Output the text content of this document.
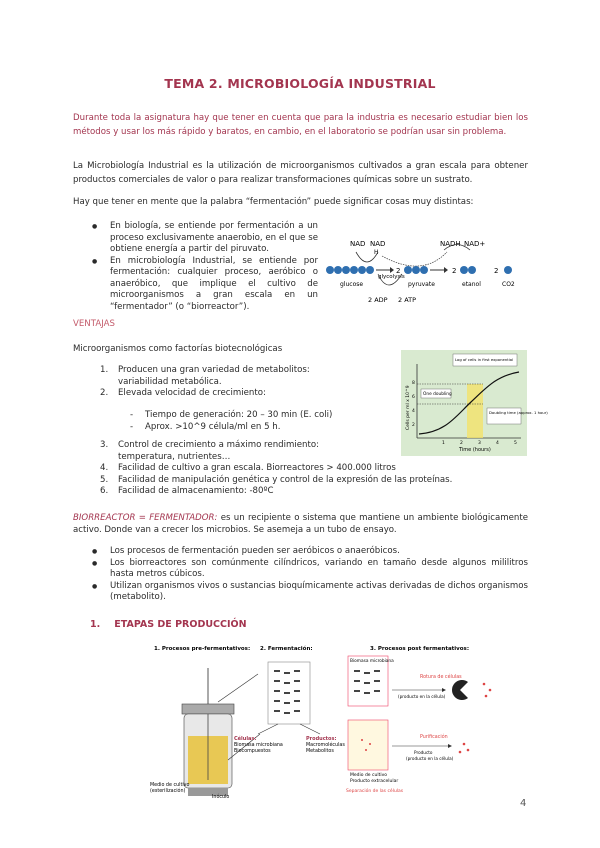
TEMA 2. MICROBIOLOGÍA INDUSTRIAL
Durante toda la asignatura hay que tener en cuenta que para la industria es necesario estudiar bien los métodos y usar los más rápido y baratos, en cambio, en el laboratorio se podrían usar sin problema.
La Microbiología Industrial es la utilización de microorganismos cultivados a gran escala para obtener productos comerciales de valor o para realizar transformaciones químicas sobre un sustrato.
Hay que tener en mente que la palabra “fermentación” puede significar cosas muy distintas:
● En biología, se entiende por fermentación a un proceso exclusivamente anaerobio, en el que se obtiene energía a partir del piruvato.
● En microbiología Industrial, se entiende por fermentación: cualquier proceso, aeróbico o anaeróbico, que implique el cultivo de microorganismos a gran escala en un “fermentador” (o “biorreactor”).
NAD NAD
H
NADH NAD+
glycolysis
2	2	2
glucose	pyruvate	etanol	CO2
2 ADP 2 ATP
VENTAJAS
Microorganismos como factorías biotecnológicas
1. Producen una gran variedad de metabolitos: variabilidad metabólica.
2. Elevada velocidad de crecimiento:
- Tiempo de generación: 20 – 30 min (E. coli)
- Aprox. >10^9 célula/ml en 5 h.
3. Control de crecimiento a máximo rendimiento: temperatura, nutrientes…
4. Facilidad de cultivo a gran escala. Biorreactores > 400.000 litros
5. Facilidad de manipulación genética y control de la expresión de las proteínas.
6. Facilidad de almacenamiento: -80ºC
Cells per ml x 10^9
8
6
4
2
1	2	3	4	5
Time (hours)
One doubling
Log of cells in first exponential
Doubling time (approx. 1 hour)
BIORREACTOR = FERMENTADOR: es un recipiente o sistema que mantiene un ambiente biológicamente activo. Donde van a crecer los microbios. Se asemeja a un tubo de ensayo.
● Los procesos de fermentación pueden ser aeróbicos o anaeróbicos.
● Los biorreactores son comúnmente cilíndricos, variando en tamaño desde algunos mililitros hasta metros cúbicos.
● Utilizan organismos vivos o sustancias bioquímicamente activas derivadas de dichos organismos (metabolito).
1. ETAPAS DE PRODUCCIÓN
1. Procesos pre-fermentativos: 2. Fermentación:	3. Procesos post fermentativos:
Células:
Biomasa microbiana
Biocompuestos
Productos:
Macromoléculas
Metabolitos
Biomasa microbiana
Medio de cultivo
Producto extracelular
Separación de las células
Rotura de células
(producto en la célula)
Purificación
Producto
(producto en la célula)
Medio de cultivo
(esterilización)
Inóculo
4
